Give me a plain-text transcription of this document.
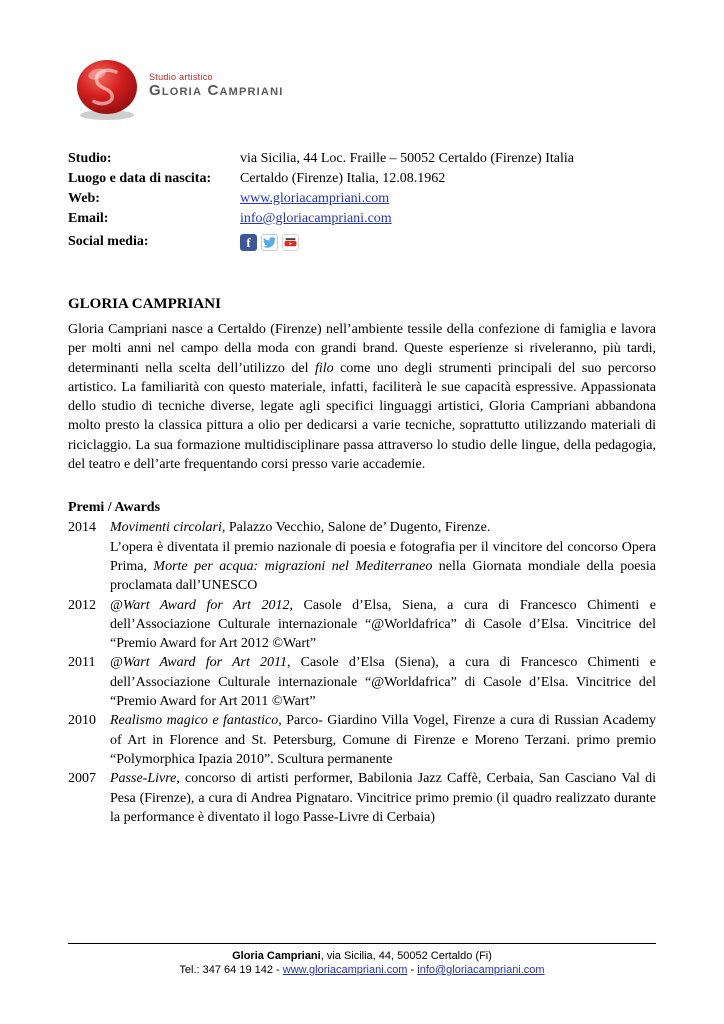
Studio artistico
Gloria Campriani
Studio:	via Sicilia, 44 Loc. Fraille – 50052 Certaldo (Firenze) Italia
Luogo e data di nascita:	Certaldo (Firenze) Italia, 12.08.1962
Web:	www.gloriacampriani.com
Email:	info@gloriacampriani.com
Social media:	f
GLORIA CAMPRIANI

Gloria Campriani nasce a Certaldo (Firenze) nell’ambiente tessile della confezione di famiglia e lavora per molti anni nel campo della moda con grandi brand. Queste esperienze si riveleranno, più tardi, determinanti nella scelta dell’utilizzo del filo come uno degli strumenti principali del suo percorso artistico. La familiarità con questo materiale, infatti, faciliterà le sue capacità espressive. Appassionata dello studio di tecniche diverse, legate agli specifici linguaggi artistici, Gloria Campriani abbandona molto presto la classica pittura a olio per dedicarsi a varie tecniche, soprattutto utilizzando materiali di riciclaggio. La sua formazione multidisciplinare passa attraverso lo studio delle lingue, della pedagogia, del teatro e dell’arte frequentando corsi presso varie accademie.

Premi / Awards
2014	Movimenti circolari, Palazzo Vecchio, Salone de’ Dugento, Firenze.
L’opera è diventata il premio nazionale di poesia e fotografia per il vincitore del concorso Opera Prima, Morte per acqua: migrazioni nel Mediterraneo nella Giornata mondiale della poesia proclamata dall’UNESCO
2012	@Wart Award for Art 2012, Casole d’Elsa, Siena, a cura di Francesco Chimenti e dell’Associazione Culturale internazionale “@Worldafrica” di Casole d’Elsa. Vincitrice del “Premio Award for Art 2012 ©Wart”
2011	@Wart Award for Art 2011, Casole d’Elsa (Siena), a cura di Francesco Chimenti e dell’Associazione Culturale internazionale “@Worldafrica” di Casole d’Elsa. Vincitrice del “Premio Award for Art 2011 ©Wart”
2010	Realismo magico e fantastico, Parco- Giardino Villa Vogel, Firenze a cura di Russian Academy of Art in Florence and St. Petersburg, Comune di Firenze e Moreno Terzani. primo premio “Polymorphica Ipazia 2010”. Scultura permanente
2007	Passe-Livre, concorso di artisti performer, Babilonia Jazz Caffè, Cerbaia, San Casciano Val di Pesa (Firenze), a cura di Andrea Pignataro. Vincitrice primo premio (il quadro realizzato durante la performance è diventato il logo Passe-Livre di Cerbaia)
Gloria Campriani, via Sicilia, 44, 50052 Certaldo (Fi)
Tel.: 347 64 19 142 - www.gloriacampriani.com - info@gloriacampriani.com
